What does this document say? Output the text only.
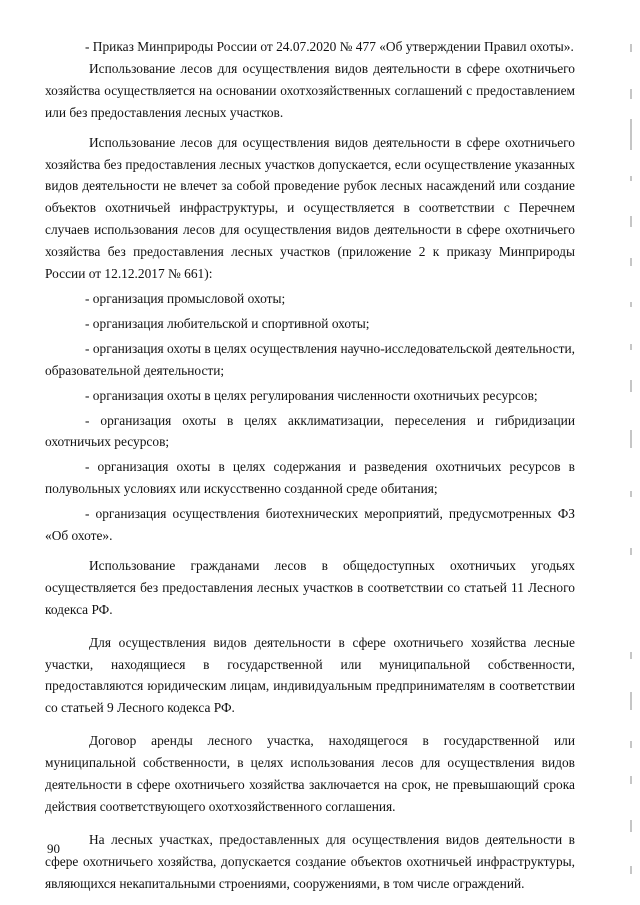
- Приказ Минприроды России от 24.07.2020 № 477 «Об утверждении Правил охоты».

Использование лесов для осуществления видов деятельности в сфере охотничьего хозяйства осуществляется на основании охотхозяйственных соглашений с предоставлением или без предоставления лесных участков.

Использование лесов для осуществления видов деятельности в сфере охотничьего хозяйства без предоставления лесных участков допускается, если осуществление указанных видов деятельности не влечет за собой проведение рубок лесных насаждений или создание объектов охотничьей инфраструктуры, и осуществляется в соответствии с Перечнем случаев использования лесов для осуществления видов деятельности в сфере охотничьего хозяйства без предоставления лесных участков (приложение 2 к приказу Минприроды России от 12.12.2017 № 661):

- организация промысловой охоты;

- организация любительской и спортивной охоты;

- организация охоты в целях осуществления научно-исследовательской деятельности, образовательной деятельности;

- организация охоты в целях регулирования численности охотничьих ресурсов;

- организация охоты в целях акклиматизации, переселения и гибридизации охотничьих ресурсов;

- организация охоты в целях содержания и разведения охотничьих ресурсов в полувольных условиях или искусственно созданной среде обитания;

- организация осуществления биотехнических мероприятий, предусмотренных ФЗ «Об охоте».

Использование гражданами лесов в общедоступных охотничьих угодьях осуществляется без предоставления лесных участков в соответствии со статьей 11 Лесного кодекса РФ.

Для осуществления видов деятельности в сфере охотничьего хозяйства лесные участки, находящиеся в государственной или муниципальной собственности, предоставляются юридическим лицам, индивидуальным предпринимателям в соответствии со статьей 9 Лесного кодекса РФ.

Договор аренды лесного участка, находящегося в государственной или муниципальной собственности, в целях использования лесов для осуществления видов деятельности в сфере охотничьего хозяйства заключается на срок, не превышающий срока действия соответствующего охотхозяйственного соглашения.

На лесных участках, предоставленных для осуществления видов деятельности в сфере охотничьего хозяйства, допускается создание объектов охотничьей инфраструктуры, являющихся некапитальными строениями, сооружениями, в том числе ограждений.

90
